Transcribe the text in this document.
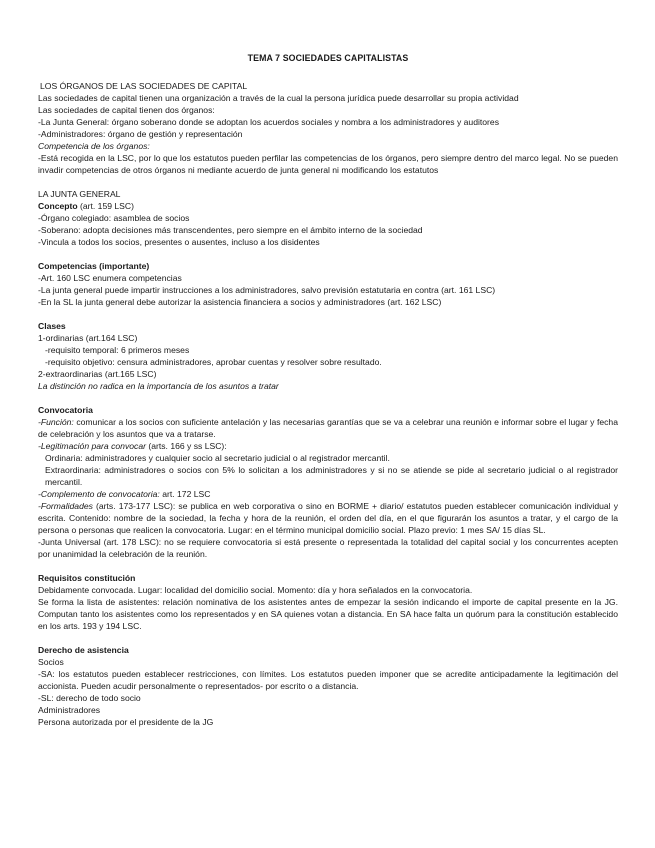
TEMA 7 SOCIEDADES CAPITALISTAS
LOS ÓRGANOS DE LAS SOCIEDADES DE CAPITAL
Las sociedades de capital tienen una organización a través de la cual la persona jurídica puede desarrollar su propia actividad
Las sociedades de capital tienen dos órganos:
-La Junta General: órgano soberano donde se adoptan los acuerdos sociales y nombra a los administradores y auditores
-Administradores: órgano de gestión y representación
Competencia de los órganos:
-Está recogida en la LSC, por lo que los estatutos pueden perfilar las competencias de los órganos, pero siempre dentro del marco legal. No se pueden invadir competencias de otros órganos ni mediante acuerdo de junta general ni modificando los estatutos
LA JUNTA GENERAL
Concepto (art. 159 LSC)
-Órgano colegiado: asamblea de socios
-Soberano: adopta decisiones más transcendentes, pero siempre en el ámbito interno de la sociedad
-Vincula a todos los socios, presentes o ausentes, incluso a los disidentes
Competencias (importante)
-Art. 160 LSC enumera competencias
-La junta general puede impartir instrucciones a los administradores, salvo previsión estatutaria en contra (art. 161 LSC)
-En la SL la junta general debe autorizar la asistencia financiera a socios y administradores (art. 162 LSC)
Clases
1-ordinarias (art.164 LSC)
-requisito temporal: 6 primeros meses
-requisito objetivo: censura administradores, aprobar cuentas y resolver sobre resultado.
2-extraordinarias (art.165 LSC)
La distinción no radica en la importancia de los asuntos a tratar
Convocatoria
-Función: comunicar a los socios con suficiente antelación y las necesarias garantías que se va a celebrar una reunión e informar sobre el lugar y fecha de celebración y los asuntos que va a tratarse.
-Legitimación para convocar (arts. 166 y ss LSC):
Ordinaria: administradores y cualquier socio al secretario judicial o al registrador mercantil.
Extraordinaria: administradores o socios con 5% lo solicitan a los administradores y si no se atiende se pide al secretario judicial o al registrador mercantil.
-Complemento de convocatoria: art. 172 LSC
-Formalidades (arts. 173-177 LSC): se publica en web corporativa o sino en BORME + diario/ estatutos pueden establecer comunicación individual y escrita. Contenido: nombre de la sociedad, la fecha y hora de la reunión, el orden del día, en el que figurarán los asuntos a tratar, y el cargo de la persona o personas que realicen la convocatoria. Lugar: en el término municipal domicilio social. Plazo previo: 1 mes SA/ 15 días SL.
-Junta Universal (art. 178 LSC): no se requiere convocatoria si está presente o representada la totalidad del capital social y los concurrentes acepten por unanimidad la celebración de la reunión.
Requisitos constitución
Debidamente convocada. Lugar: localidad del domicilio social. Momento: día y hora señalados en la convocatoria.
Se forma la lista de asistentes: relación nominativa de los asistentes antes de empezar la sesión indicando el importe de capital presente en la JG. Computan tanto los asistentes como los representados y en SA quienes votan a distancia. En SA hace falta un quórum para la constitución establecido en los arts. 193 y 194 LSC.
Derecho de asistencia
Socios
-SA: los estatutos pueden establecer restricciones, con límites. Los estatutos pueden imponer que se acredite anticipadamente la legitimación del accionista. Pueden acudir personalmente o representados- por escrito o a distancia.
-SL: derecho de todo socio
Administradores
Persona autorizada por el presidente de la JG
